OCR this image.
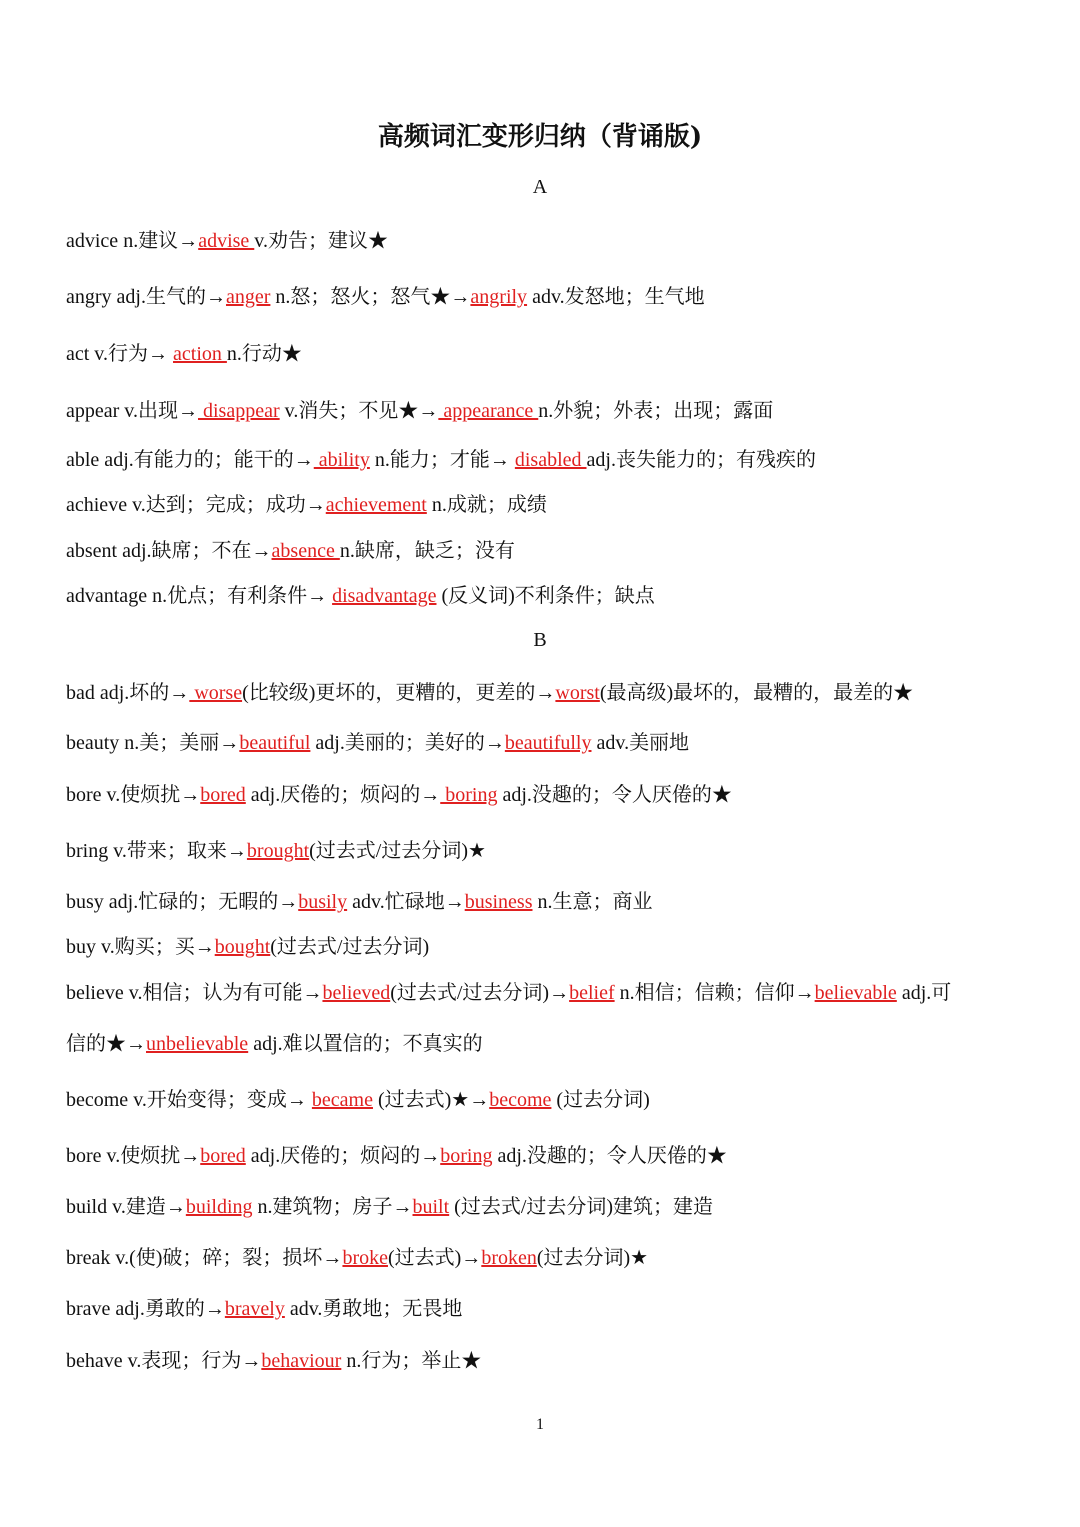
高频词汇变形归纳（背诵版)
A
B
advice n.建议→advise v.劝告；建议★
angry adj.生气的→anger n.怒；怒火；怒气★→angrily adv.发怒地；生气地
act v.行为→ action n.行动★
appear v.出现→ disappear v.消失；不见★→ appearance n.外貌；外表；出现；露面
able adj.有能力的；能干的→ ability n.能力；才能→ disabled adj.丧失能力的；有残疾的
achieve v.达到；完成；成功→achievement n.成就；成绩
absent adj.缺席；不在→absence n.缺席，缺乏；没有
advantage n.优点；有利条件→ disadvantage (反义词)不利条件；缺点
bad adj.坏的→ worse(比较级)更坏的，更糟的，更差的→worst(最高级)最坏的，最糟的，最差的★
beauty n.美；美丽→beautiful adj.美丽的；美好的→beautifully adv.美丽地
bore v.使烦扰→bored adj.厌倦的；烦闷的→ boring adj.没趣的；令人厌倦的★
bring v.带来；取来→brought(过去式/过去分词)★
busy adj.忙碌的；无暇的→busily adv.忙碌地→business n.生意；商业
buy v.购买；买→bought(过去式/过去分词)
believe v.相信；认为有可能→believed(过去式/过去分词)→belief n.相信；信赖；信仰→believable adj.可
信的★→unbelievable adj.难以置信的；不真实的
become v.开始变得；变成→ became (过去式)★→become (过去分词)
bore v.使烦扰→bored adj.厌倦的；烦闷的→boring adj.没趣的；令人厌倦的★
build v.建造→building n.建筑物；房子→built (过去式/过去分词)建筑；建造
break v.(使)破；碎；裂；损坏→broke(过去式)→broken(过去分词)★
brave adj.勇敢的→bravely adv.勇敢地；无畏地
behave v.表现；行为→behaviour n.行为；举止★
1
